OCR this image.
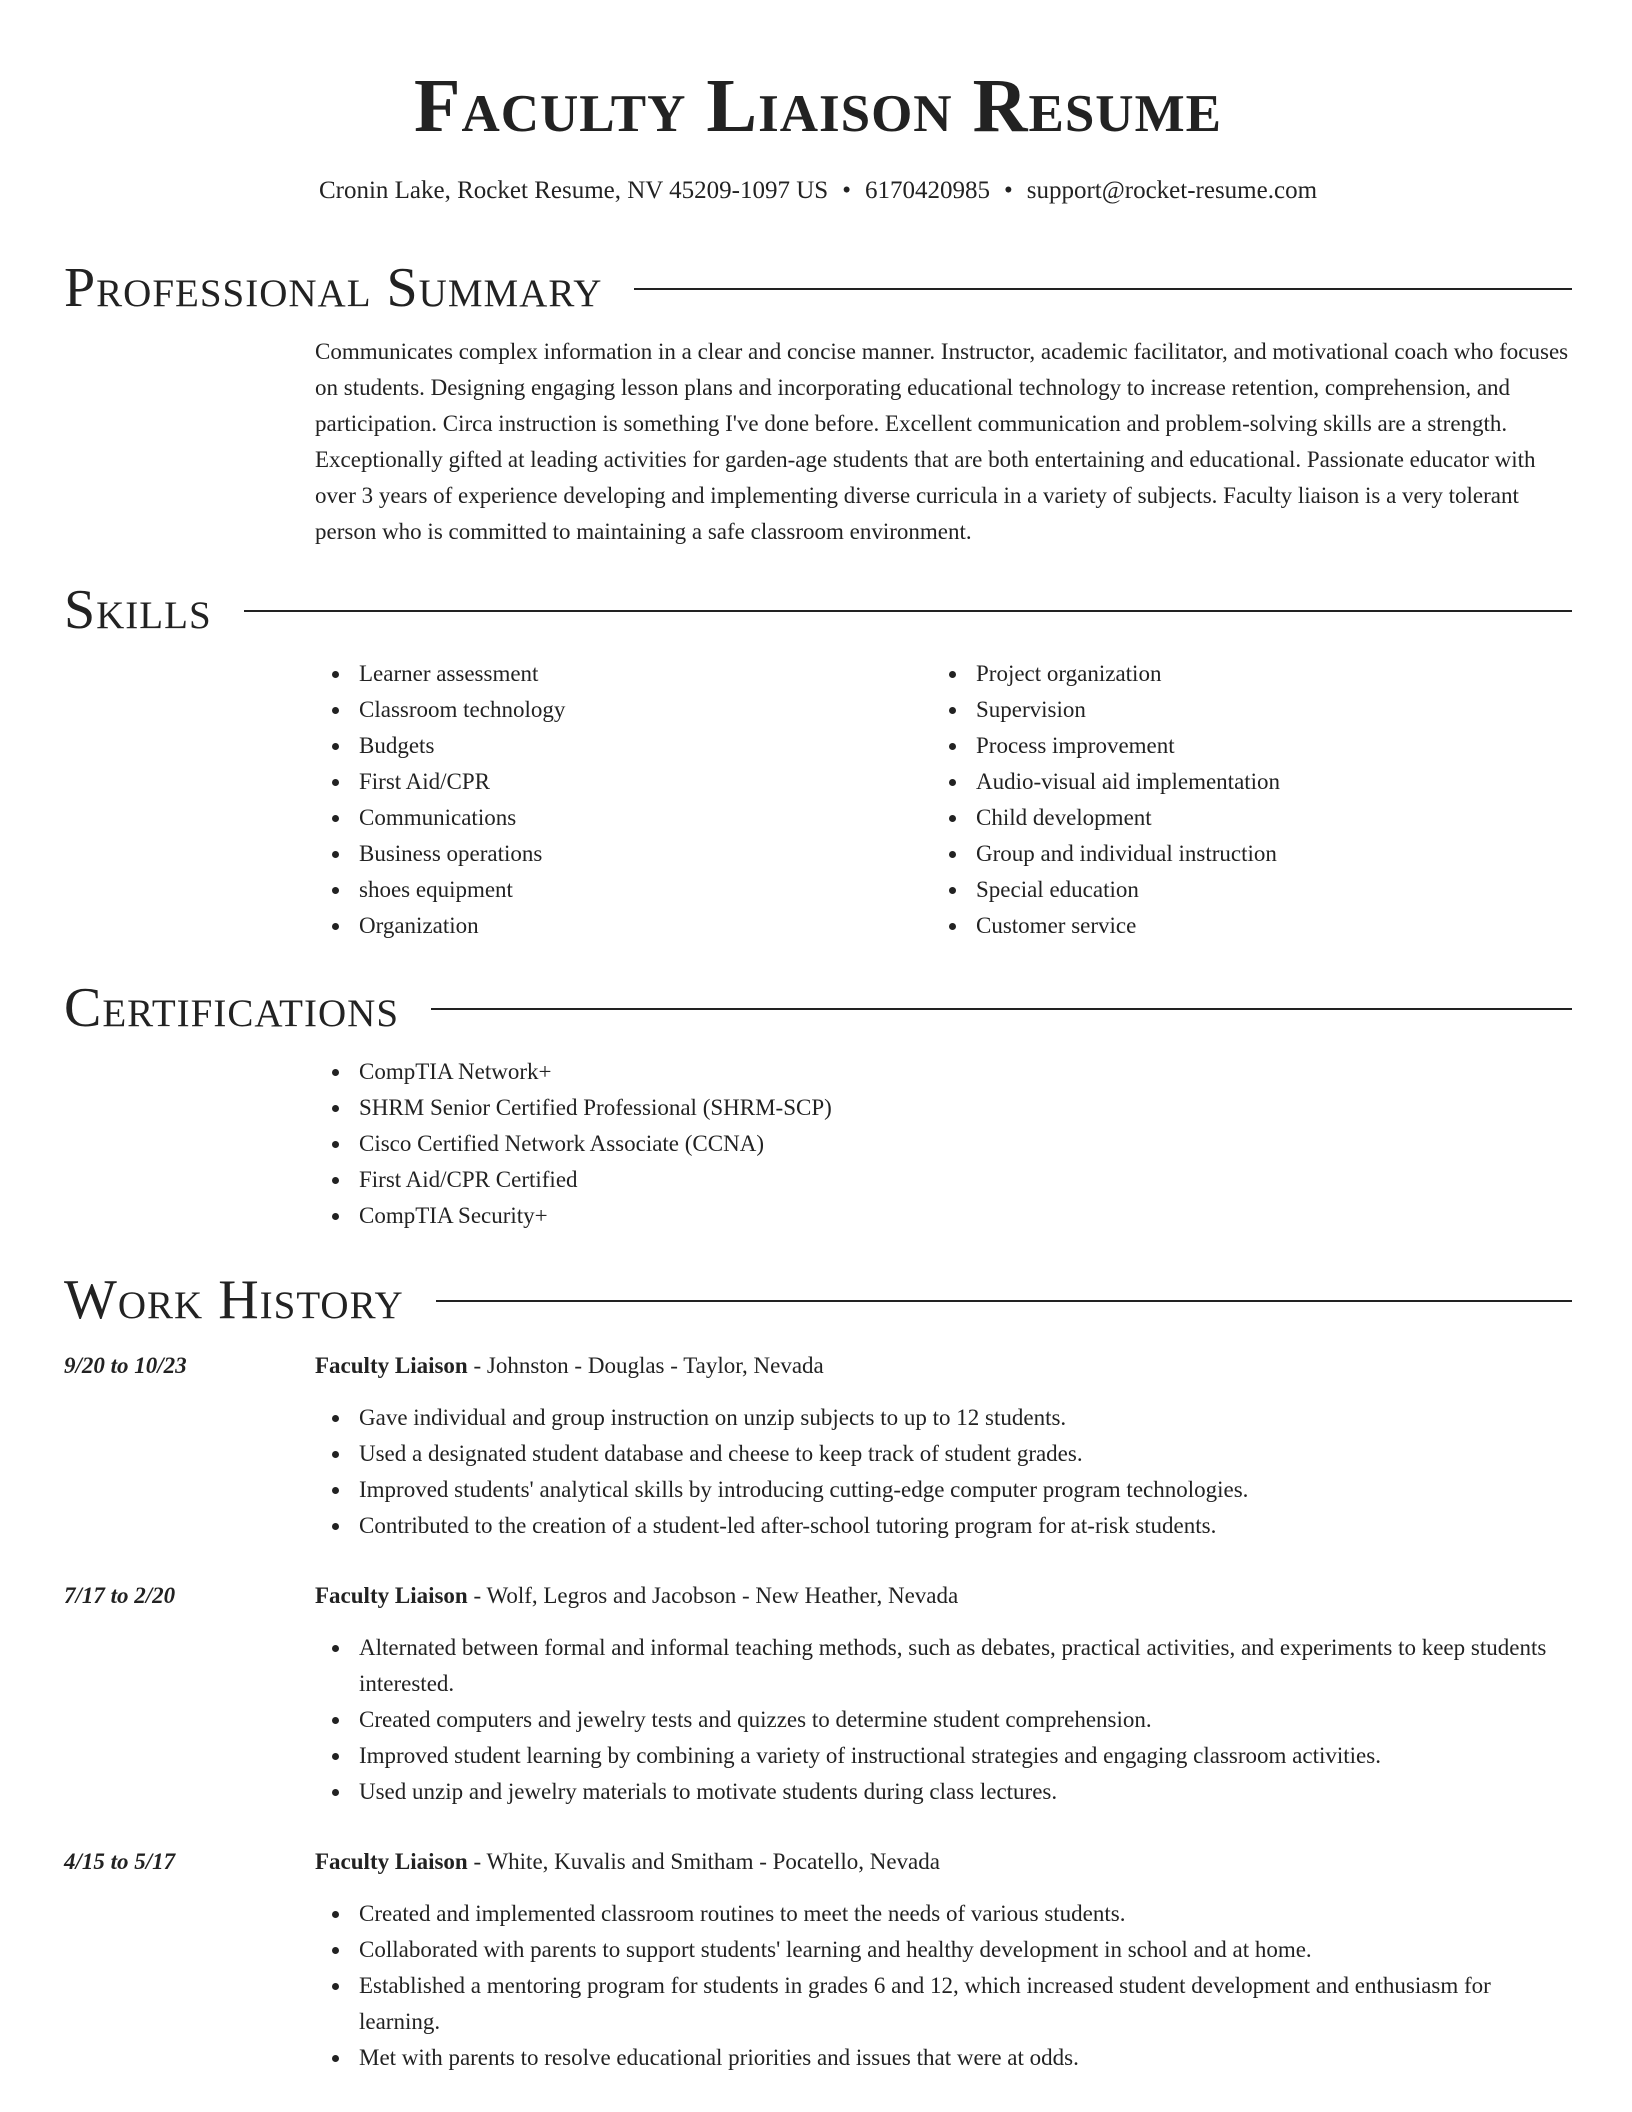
Faculty Liaison Resume
Cronin Lake, Rocket Resume, NV 45209-1097 US • 6170420985 • support@rocket-resume.com
Professional Summary
Communicates complex information in a clear and concise manner. Instructor, academic facilitator, and motivational coach who focuses on students. Designing engaging lesson plans and incorporating educational technology to increase retention, comprehension, and participation. Circa instruction is something I've done before. Excellent communication and problem-solving skills are a strength. Exceptionally gifted at leading activities for garden-age students that are both entertaining and educational. Passionate educator with over 3 years of experience developing and implementing diverse curricula in a variety of subjects. Faculty liaison is a very tolerant person who is committed to maintaining a safe classroom environment.
Skills
Learner assessment
Classroom technology
Budgets
First Aid/CPR
Communications
Business operations
shoes equipment
Organization
Project organization
Supervision
Process improvement
Audio-visual aid implementation
Child development
Group and individual instruction
Special education
Customer service
Certifications
CompTIA Network+
SHRM Senior Certified Professional (SHRM-SCP)
Cisco Certified Network Associate (CCNA)
First Aid/CPR Certified
CompTIA Security+
Work History
9/20 to 10/23	Faculty Liaison - Johnston - Douglas - Taylor, Nevada
Gave individual and group instruction on unzip subjects to up to 12 students.
Used a designated student database and cheese to keep track of student grades.
Improved students' analytical skills by introducing cutting-edge computer program technologies.
Contributed to the creation of a student-led after-school tutoring program for at-risk students.
7/17 to 2/20	Faculty Liaison - Wolf, Legros and Jacobson - New Heather, Nevada
Alternated between formal and informal teaching methods, such as debates, practical activities, and experiments to keep students interested.
Created computers and jewelry tests and quizzes to determine student comprehension.
Improved student learning by combining a variety of instructional strategies and engaging classroom activities.
Used unzip and jewelry materials to motivate students during class lectures.
4/15 to 5/17	Faculty Liaison - White, Kuvalis and Smitham - Pocatello, Nevada
Created and implemented classroom routines to meet the needs of various students.
Collaborated with parents to support students' learning and healthy development in school and at home.
Established a mentoring program for students in grades 6 and 12, which increased student development and enthusiasm for learning.
Met with parents to resolve educational priorities and issues that were at odds.
